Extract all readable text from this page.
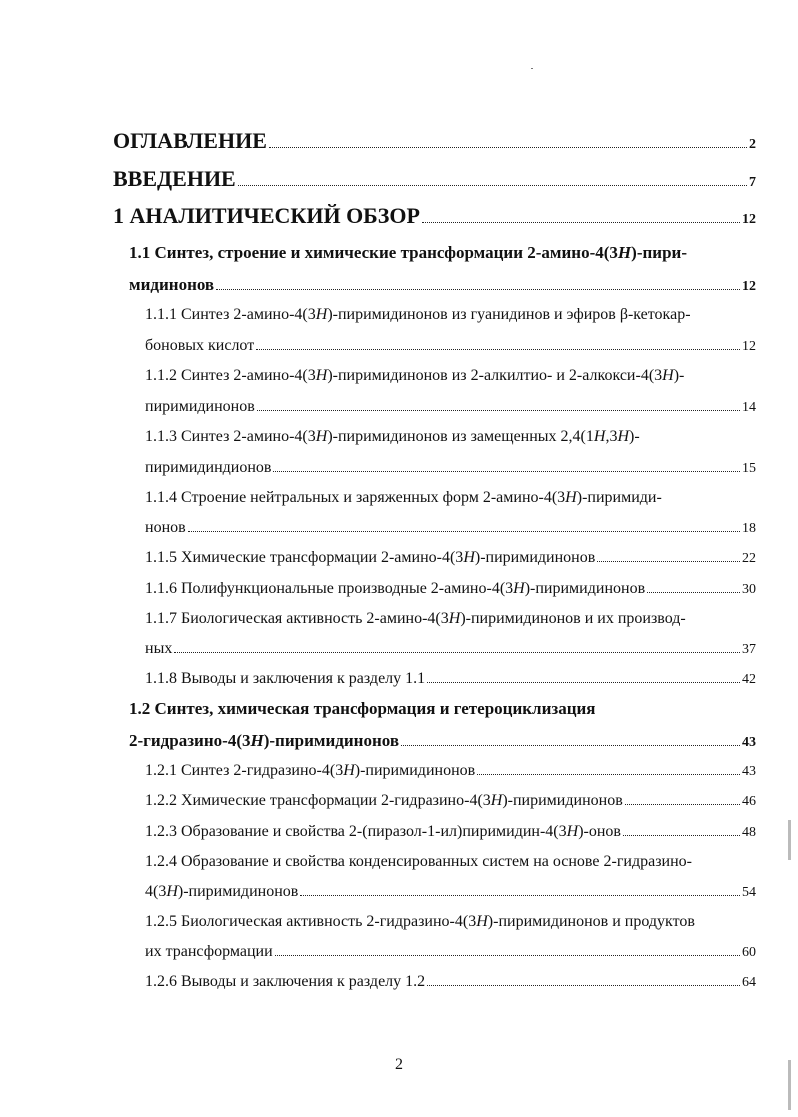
ОГЛАВЛЕНИЕ	2
ВВЕДЕНИЕ	7
1 АНАЛИТИЧЕСКИЙ ОБЗОР	12
1.1 Синтез, строение и химические трансформации 2-амино-4(3H)-пири-
мидинонов	12
1.1.1 Синтез 2-амино-4(3H)-пиримидинонов из гуанидинов и эфиров β-кетокар-
боновых кислот	12
1.1.2 Синтез 2-амино-4(3H)-пиримидинонов из 2-алкилтио- и 2-алкокси-4(3H)-
пиримидинонов	14
1.1.3 Синтез 2-амино-4(3H)-пиримидинонов из замещенных 2,4(1H,3H)-
пиримидиндионов	15
1.1.4 Строение нейтральных и заряженных форм 2-амино-4(3H)-пиримиди-
нонов	18
1.1.5 Химические трансформации 2-амино-4(3H)-пиримидинонов	22
1.1.6 Полифункциональные производные 2-амино-4(3H)-пиримидинонов	30
1.1.7 Биологическая активность 2-амино-4(3H)-пиримидинонов и их производ-
ных	37
1.1.8 Выводы и заключения к разделу 1.1	42
1.2 Синтез, химическая трансформация и гетероциклизация
2-гидразино-4(3H)-пиримидинонов	43
1.2.1 Синтез 2-гидразино-4(3H)-пиримидинонов	43
1.2.2 Химические трансформации 2-гидразино-4(3H)-пиримидинонов	46
1.2.3 Образование и свойства 2-(пиразол-1-ил)пиримидин-4(3H)-онов	48
1.2.4 Образование и свойства конденсированных систем на основе 2-гидразино-
4(3H)-пиримидинонов	54
1.2.5 Биологическая активность 2-гидразино-4(3H)-пиримидинонов и продуктов
их трансформации	60
1.2.6 Выводы и заключения к разделу 1.2	64
2
